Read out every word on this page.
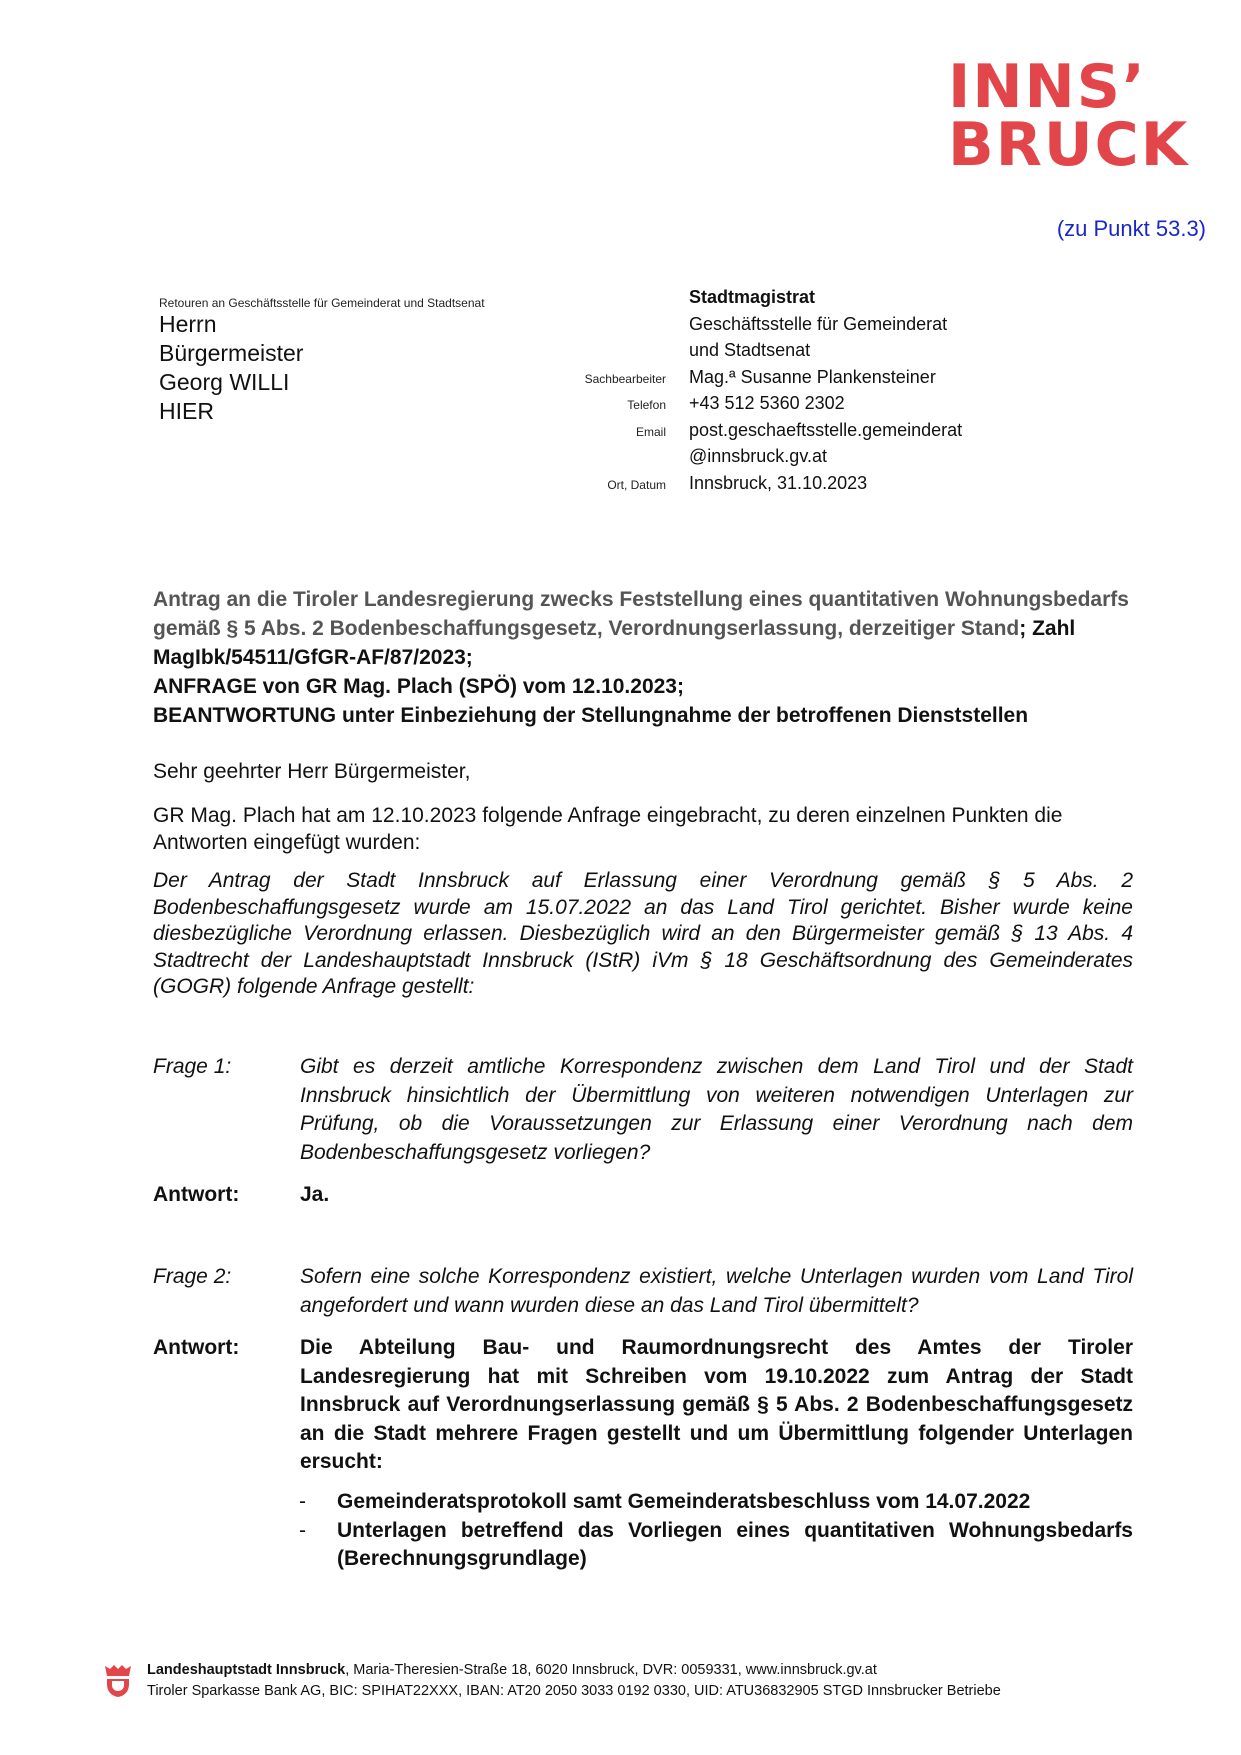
INNS’
BRUCK
(zu Punkt 53.3)
Retouren an Geschäftsstelle für Gemeinderat und Stadtsenat
Herrn
Bürgermeister
Georg WILLI
HIER
Stadtmagistrat
Geschäftsstelle für Gemeinderat
und Stadtsenat
Sachbearbeiter	Mag.ª Susanne Plankensteiner
Telefon	+43 512 5360 2302
Email	post.geschaeftsstelle.gemeinderat
@innsbruck.gv.at
Ort, Datum	Innsbruck, 31.10.2023
Antrag an die Tiroler Landesregierung zwecks Feststellung eines quantitativen Wohnungsbedarfs gemäß § 5 Abs. 2 Bodenbeschaffungsgesetz, Verordnungserlassung, derzeitiger Stand; Zahl MagIbk/54511/GfGR-AF/87/2023;
ANFRAGE von GR Mag. Plach (SPÖ) vom 12.10.2023;
BEANTWORTUNG unter Einbeziehung der Stellungnahme der betroffenen Dienststellen
Sehr geehrter Herr Bürgermeister,
GR Mag. Plach hat am 12.10.2023 folgende Anfrage eingebracht, zu deren einzelnen Punkten die Antworten eingefügt wurden:
Der Antrag der Stadt Innsbruck auf Erlassung einer Verordnung gemäß § 5 Abs. 2 Bodenbeschaffungsgesetz wurde am 15.07.2022 an das Land Tirol gerichtet. Bisher wurde keine diesbezügliche Verordnung erlassen. Diesbezüglich wird an den Bürgermeister gemäß § 13 Abs. 4 Stadtrecht der Landeshauptstadt Innsbruck (IStR) iVm § 18 Geschäftsordnung des Gemeinderates (GOGR) folgende Anfrage gestellt:
Frage 1:	Gibt es derzeit amtliche Korrespondenz zwischen dem Land Tirol und der Stadt Innsbruck hinsichtlich der Übermittlung von weiteren notwendigen Unterlagen zur Prüfung, ob die Voraussetzungen zur Erlassung einer Verordnung nach dem Bodenbeschaffungsgesetz vorliegen?
Antwort:	Ja.
Frage 2:	Sofern eine solche Korrespondenz existiert, welche Unterlagen wurden vom Land Tirol angefordert und wann wurden diese an das Land Tirol übermittelt?
Antwort:	Die Abteilung Bau- und Raumordnungsrecht des Amtes der Tiroler Landesregierung hat mit Schreiben vom 19.10.2022 zum Antrag der Stadt Innsbruck auf Verordnungserlassung gemäß § 5 Abs. 2 Bodenbeschaffungsgesetz an die Stadt mehrere Fragen gestellt und um Übermittlung folgender Unterlagen ersucht:
-	Gemeinderatsprotokoll samt Gemeinderatsbeschluss vom 14.07.2022
-	Unterlagen betreffend das Vorliegen eines quantitativen Wohnungsbedarfs (Berechnungsgrundlage)
Landeshauptstadt Innsbruck, Maria-Theresien-Straße 18, 6020 Innsbruck, DVR: 0059331, www.innsbruck.gv.at
Tiroler Sparkasse Bank AG, BIC: SPIHAT22XXX, IBAN: AT20 2050 3033 0192 0330, UID: ATU36832905 STGD Innsbrucker Betriebe
